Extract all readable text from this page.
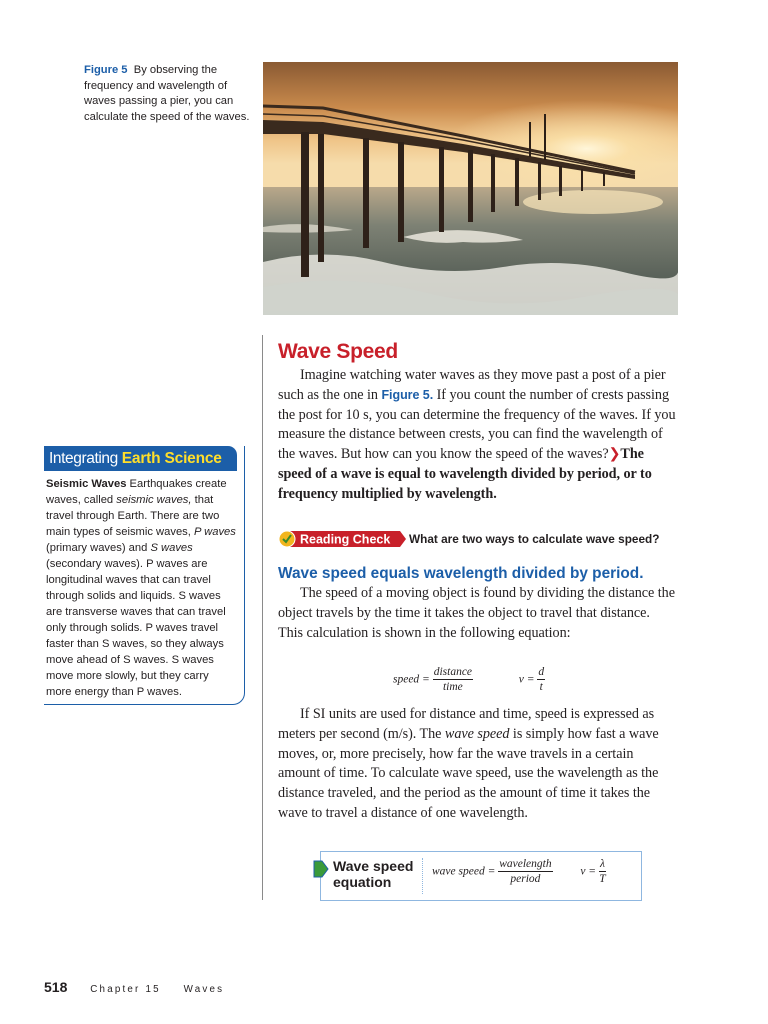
Figure 5 By observing the frequency and wavelength of waves passing a pier, you can calculate the speed of the waves.
Integrating Earth Science
Seismic Waves Earthquakes create waves, called seismic waves, that travel through Earth. There are two main types of seismic waves, P waves (primary waves) and S waves (secondary waves). P waves are longitudinal waves that can travel through solids and liquids. S waves are transverse waves that can travel only through solids. P waves travel faster than S waves, so they always move ahead of S waves. S waves move more slowly, but they carry more energy than P waves.
Wave Speed

Imagine watching water waves as they move past a post of a pier such as the one in Figure 5. If you count the number of crests passing the post for 10 s, you can determine the frequency of the waves. If you measure the distance between crests, you can find the wavelength of the waves. But how can you know the speed of the waves?❯The speed of a wave is equal to wavelength divided by period, or to frequency multiplied by wavelength.

Reading Check What are two ways to calculate wave speed?
Wave speed equals wavelength divided by period.

The speed of a moving object is found by dividing the distance the object travels by the time it takes the object to travel that distance. This calculation is shown in the following equation:

speed = $\frac{\text{distance}}{\text{time}}$	$v = \frac{d}{t}$

If SI units are used for distance and time, speed is expressed as meters per second (m/s). The wave speed is simply how fast a wave moves, or, more precisely, how far the wave travels in a certain amount of time. To calculate wave speed, use the wavelength as the distance traveled, and the period as the amount of time it takes the wave to travel a distance of one wavelength.

Wave speed
equation
wave speed = $\frac{\text{wavelength}}{\text{period}}$ $v = \frac{\lambda}{T}$
518 Chapter 15 Waves
